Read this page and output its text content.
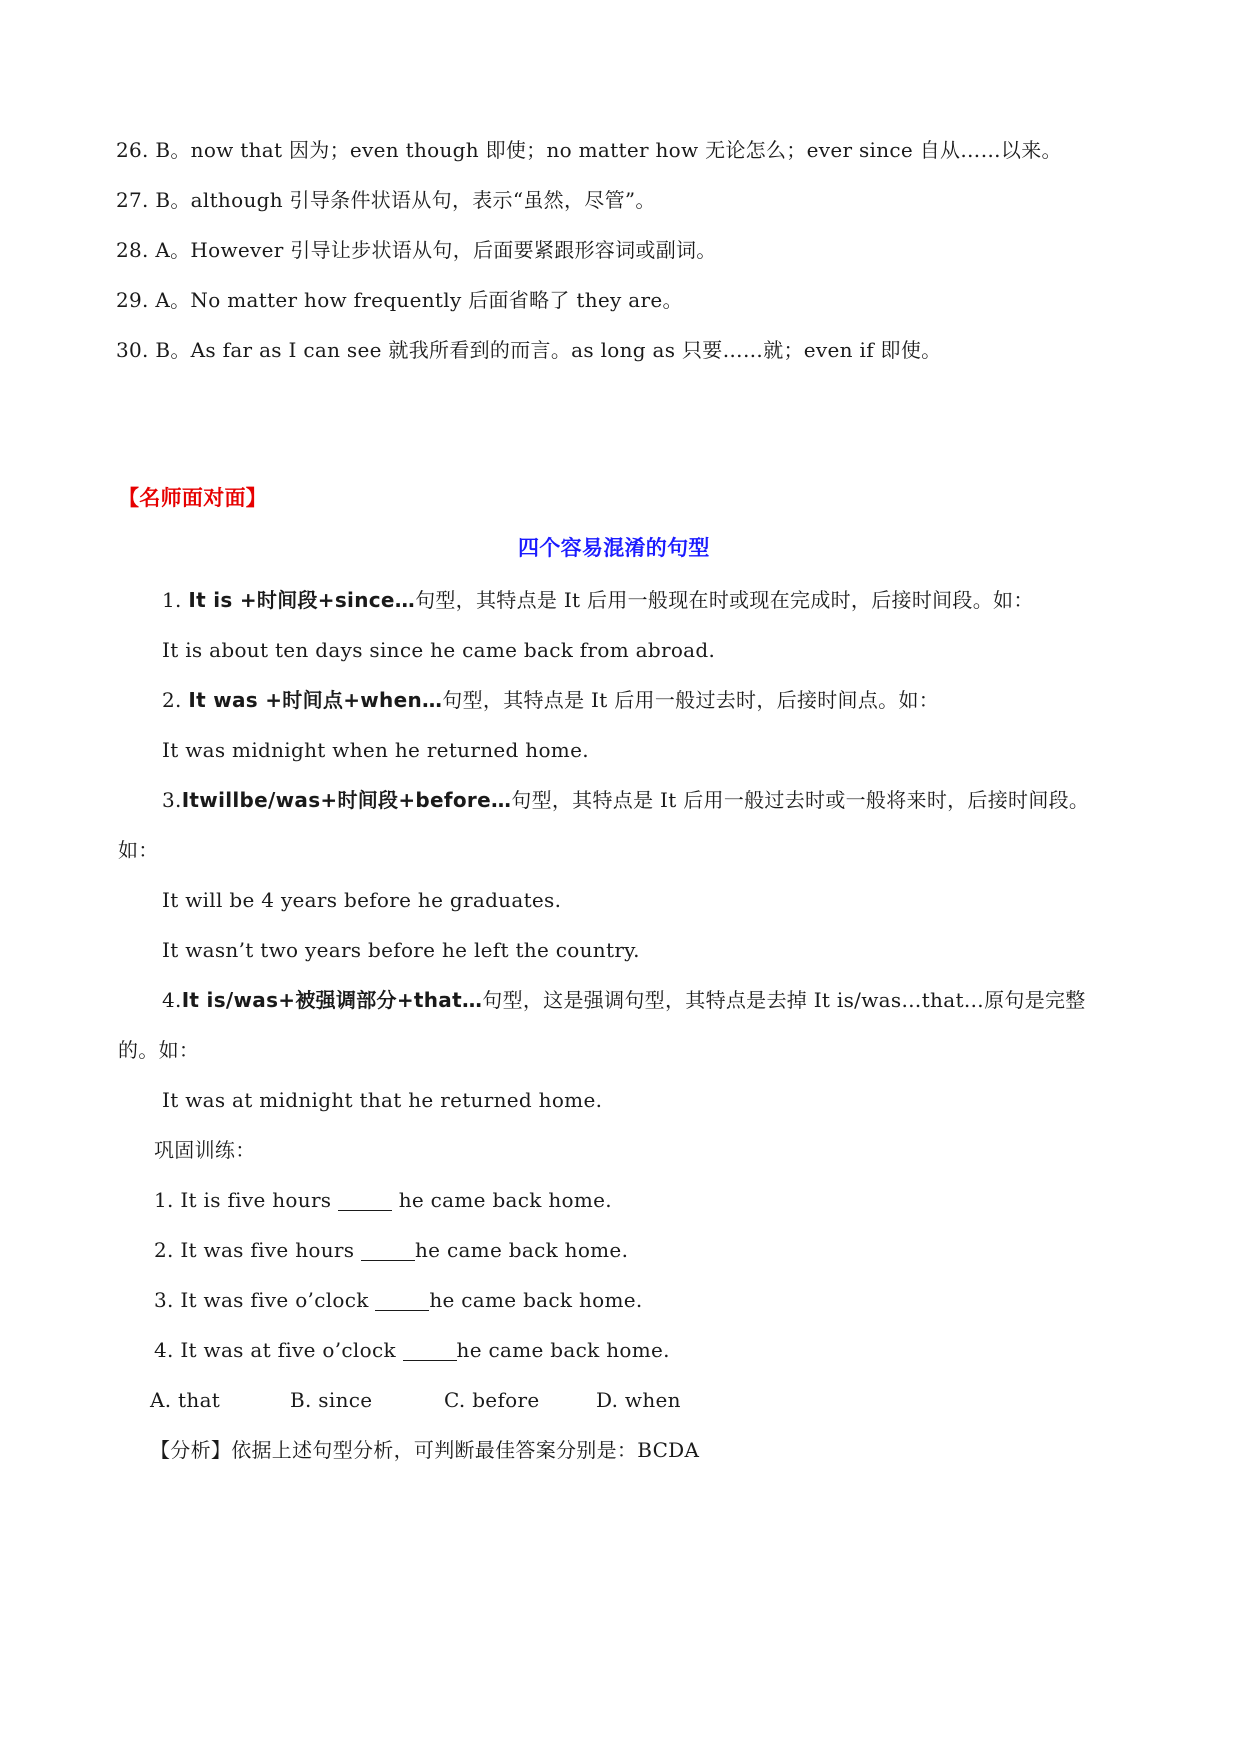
26. B。now that 因为；even though 即使；no matter how 无论怎么；ever since 自从……以来。
27. B。although 引导条件状语从句，表示“虽然，尽管”。
28. A。However 引导让步状语从句，后面要紧跟形容词或副词。
29. A。No matter how frequently 后面省略了 they are。
30. B。As far as I can see 就我所看到的而言。as long as 只要……就；even if 即使。
【名师面对面】
四个容易混淆的句型
1. It is +时间段+since…句型，其特点是 It 后用一般现在时或现在完成时，后接时间段。如：
It is about ten days since he came back from abroad.
2. It was +时间点+when…句型，其特点是 It 后用一般过去时，后接时间点。如：
It was midnight when he returned home.
3.Itwillbe/was+时间段+before…句型，其特点是 It 后用一般过去时或一般将来时，后接时间段。
如：
It will be 4 years before he graduates.
It wasn’t two years before he left the country.
4.It is/was+被强调部分+that…句型，这是强调句型，其特点是去掉 It is/was…that…原句是完整
的。如：
It was at midnight that he returned home.
巩固训练：
1. It is five hours	he came back home.
2. It was five hours	he came back home.
3. It was five o’clock	he came back home.
4. It was at five o’clock	he came back home.
A. that	B. since	C. before	D. when
【分析】依据上述句型分析，可判断最佳答案分别是：BCDA
